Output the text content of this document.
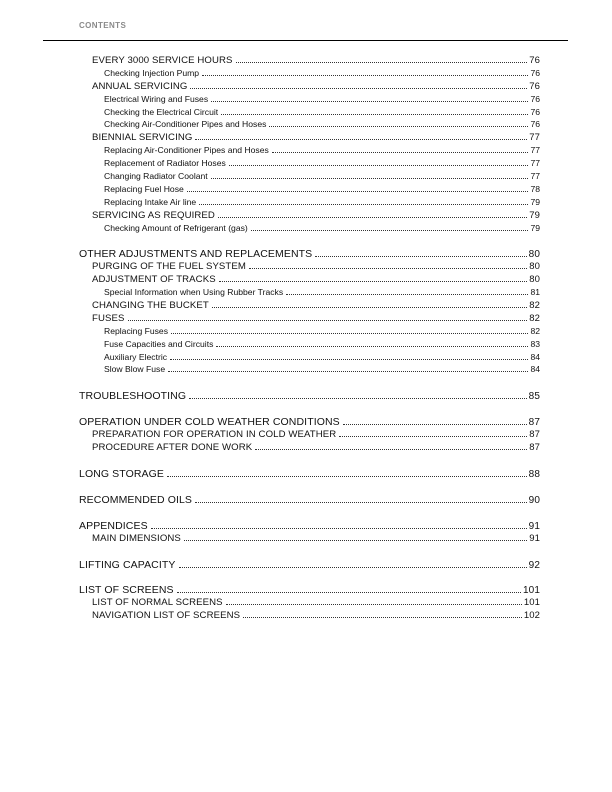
CONTENTS
EVERY 3000 SERVICE HOURS	76
Checking Injection Pump	76
ANNUAL SERVICING	76
Electrical Wiring and Fuses	76
Checking the Electrical Circuit	76
Checking Air-Conditioner Pipes and Hoses	76
BIENNIAL SERVICING	77
Replacing Air-Conditioner Pipes and Hoses	77
Replacement of Radiator Hoses	77
Changing Radiator Coolant	77
Replacing Fuel Hose	78
Replacing Intake Air line	79
SERVICING AS REQUIRED	79
Checking Amount of Refrigerant (gas)	79
OTHER ADJUSTMENTS AND REPLACEMENTS	80
PURGING OF THE FUEL SYSTEM	80
ADJUSTMENT OF TRACKS	80
Special Information when Using Rubber Tracks	81
CHANGING THE BUCKET	82
FUSES	82
Replacing Fuses	82
Fuse Capacities and Circuits	83
Auxiliary Electric	84
Slow Blow Fuse	84
TROUBLESHOOTING	85
OPERATION UNDER COLD WEATHER CONDITIONS	87
PREPARATION FOR OPERATION IN COLD WEATHER	87
PROCEDURE AFTER DONE WORK	87
LONG STORAGE	88
RECOMMENDED OILS	90
APPENDICES	91
MAIN DIMENSIONS	91
LIFTING CAPACITY	92
LIST OF SCREENS	101
LIST OF NORMAL SCREENS	101
NAVIGATION LIST OF SCREENS	102
